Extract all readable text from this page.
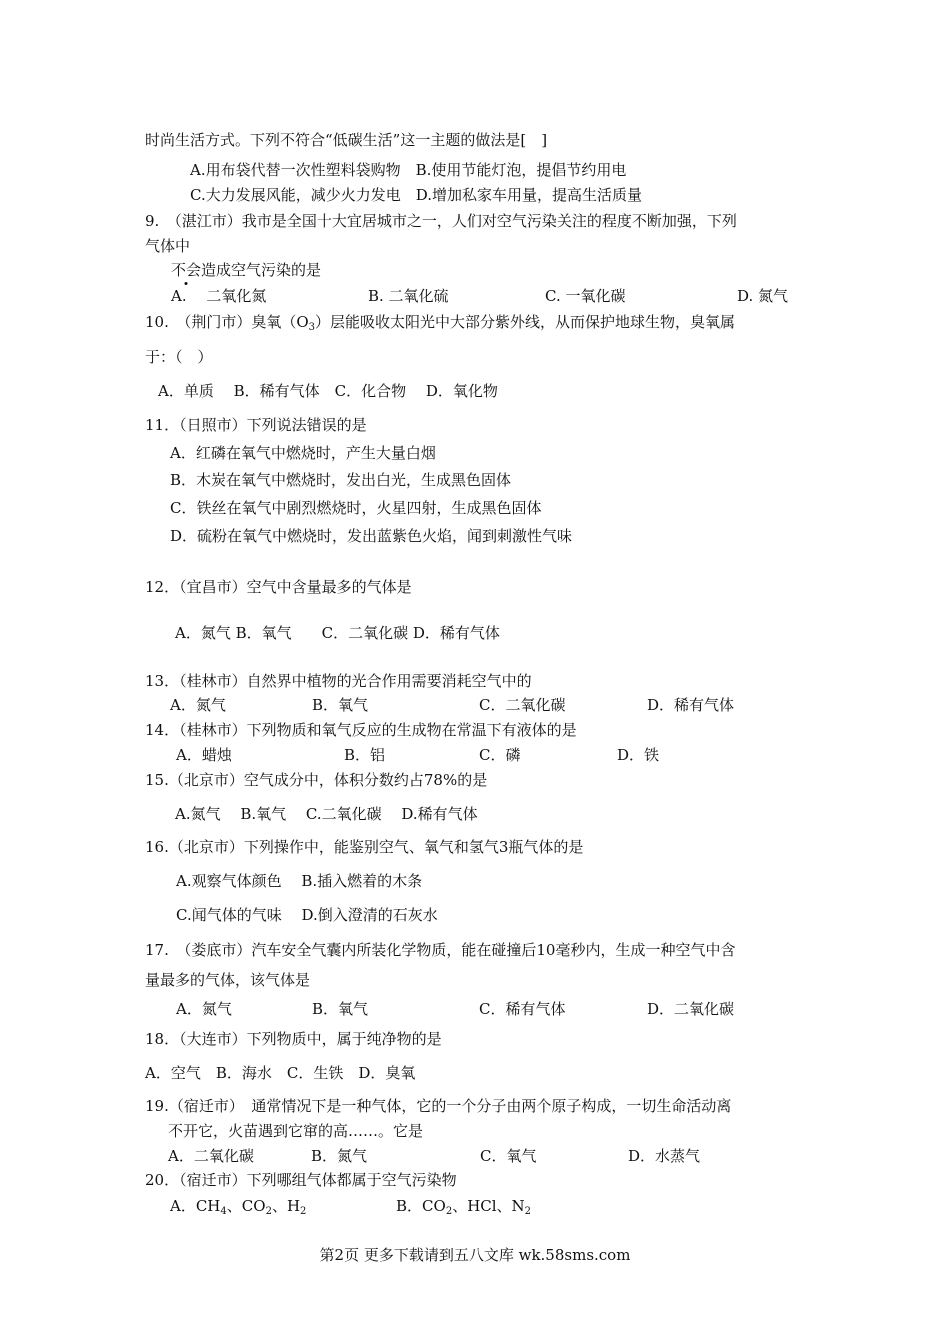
时尚生活方式。下列不符合“低碳生活”这一主题的做法是[　]
A.用布袋代替一次性塑料袋购物　B.使用节能灯泡，提倡节约用电
C.大力发展风能，减少火力发电　D.增加私家车用量，提高生活质量
9.　（湛江市）我市是全国十大宜居城市之一，人们对空气污染关注的程度不断加强，下列
气体中
不会造成空气污染的是
A.　 二氧化氮	B. 二氧化硫	C. 一氧化碳	D. 氮气
10.　（荆门市）臭氧$(O_3)$层能吸收太阳光中大部分紫外线，从而保护地球生物，臭氧属
于：（　）
A．单质　 B．稀有气体　C．化合物　 D．氧化物
11．（日照市）下列说法错误的是
A．红磷在氧气中燃烧时，产生大量白烟
B．木炭在氧气中燃烧时，发出白光，生成黑色固体
C．铁丝在氧气中剧烈燃烧时，火星四射，生成黑色固体
D．硫粉在氧气中燃烧时，发出蓝紫色火焰，闻到刺激性气味
12．（宜昌市）空气中含量最多的气体是
A．氮气 B．氧气　　C．二氧化碳 D．稀有气体
13．（桂林市）自然界中植物的光合作用需要消耗空气中的
A．氮气	B．氧气	C．二氧化碳	D．稀有气体
14．（桂林市）下列物质和氧气反应的生成物在常温下有液体的是
A．蜡烛	B．铝	C．磷	D．铁
15.（北京市）空气成分中，体积分数约占78%的是
A.氮气　 B.氧气　 C.二氧化碳　 D.稀有气体
16.（北京市）下列操作中，能鉴别空气、氧气和氢气3瓶气体的是
A.观察气体颜色　 B.插入燃着的木条
C.闻气体的气味　 D.倒入澄清的石灰水
17.　（娄底市）汽车安全气囊内所装化学物质，能在碰撞后10毫秒内，生成一种空气中含
量最多的气体，该气体是
A．氮气	B．氧气	C．稀有气体	D．二氧化碳
18．（大连市）下列物质中，属于纯净物的是
A．空气　B．海水　C．生铁　D．臭氧
19.（宿迁市）　通常情况下是一种气体，它的一个分子由两个原子构成，一切生命活动离
不开它，火苗遇到它窜的高……。它是
A．二氧化碳	B．氮气	C．氧气	D．水蒸气
20．（宿迁市）下列哪组气体都属于空气污染物
A．$CH_4$、$CO_2$、$H_2$	B．$CO_2$、HCl、$N_2$
第2页 更多下载请到五八文库 wk.58sms.com
